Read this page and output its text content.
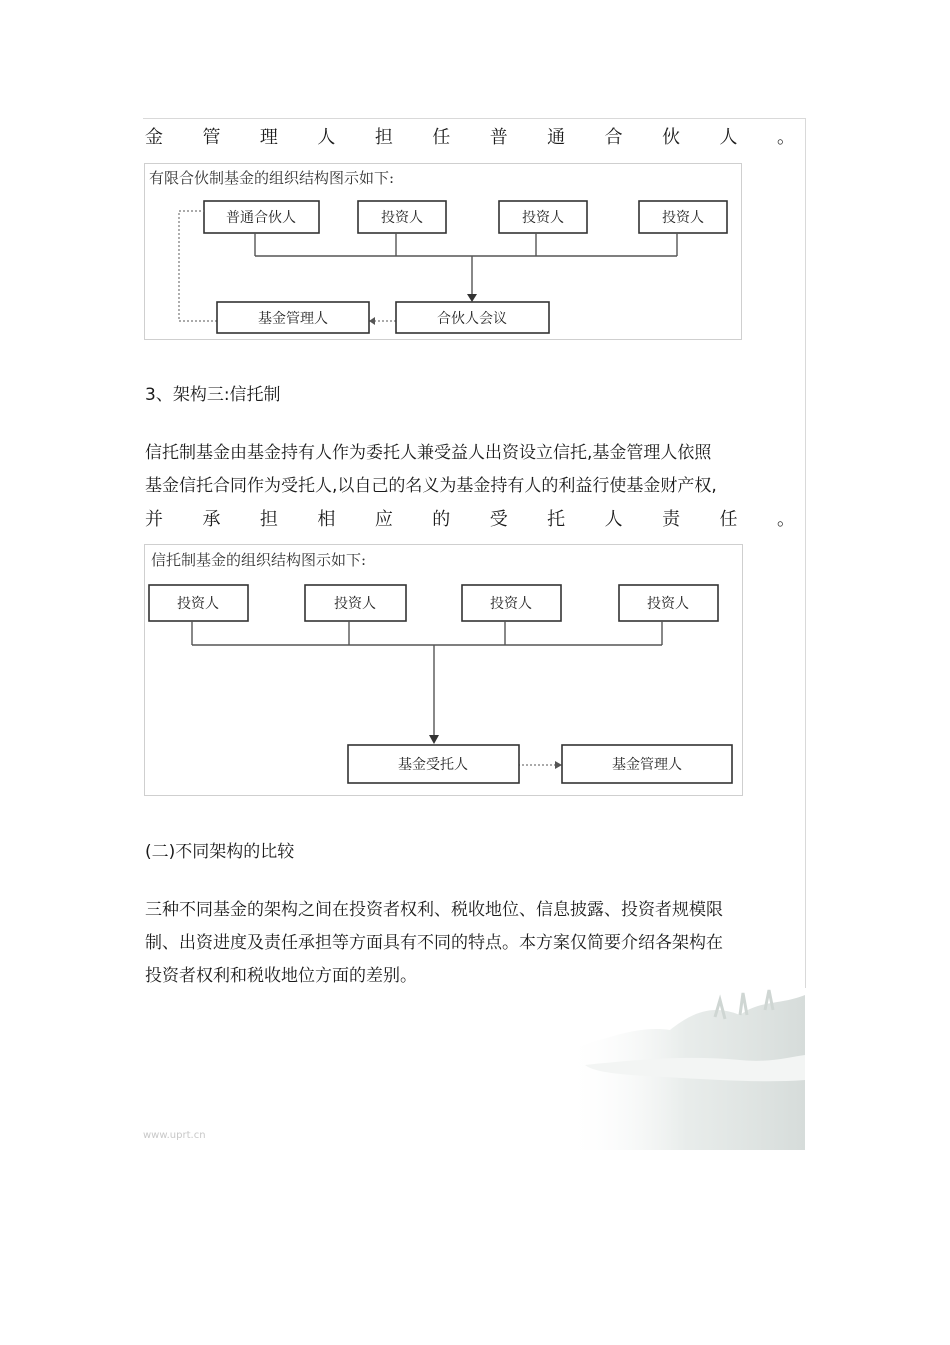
金 管 理 人 担 任 普 通 合 伙 人 。
有限合伙制基金的组织结构图示如下:
普通合伙人	投资人	投资人	投资人
基金管理人	合伙人会议
3、架构三:信托制
信托制基金由基金持有人作为委托人兼受益人出资设立信托,基金管理人依照
基金信托合同作为受托人,以自己的名义为基金持有人的利益行使基金财产权,
并 承 担 相 应 的 受 托 人 责 任 。
信托制基金的组织结构图示如下:
投资人	投资人	投资人	投资人
基金受托人	基金管理人
(二)不同架构的比较
三种不同基金的架构之间在投资者权利、税收地位、信息披露、投资者规模限
制、出资进度及责任承担等方面具有不同的特点。本方案仅简要介绍各架构在
投资者权利和税收地位方面的差别。
www.uprt.cn
